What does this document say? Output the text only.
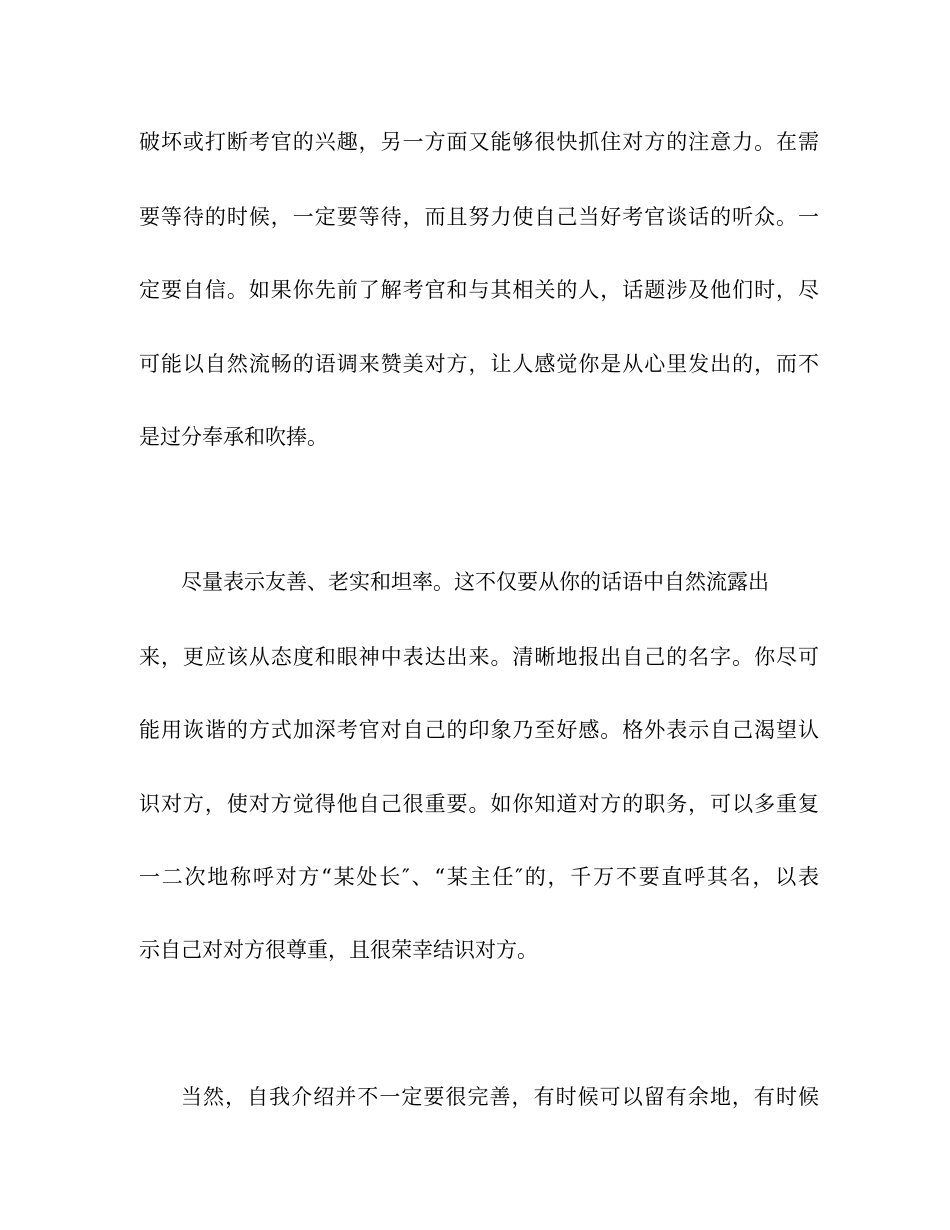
破坏或打断考官的兴趣，另一方面又能够很快抓住对方的注意力。在需
要等待的时候，一定要等待，而且努力使自己当好考官谈话的听众。一
定要自信。如果你先前了解考官和与其相关的人，话题涉及他们时，尽
可能以自然流畅的语调来赞美对方，让人感觉你是从心里发出的，而不
是过分奉承和吹捧。
尽量表示友善、老实和坦率。这不仅要从你的话语中自然流露出
来，更应该从态度和眼神中表达出来。清晰地报出自己的名字。你尽可
能用诙谐的方式加深考官对自己的印象乃至好感。格外表示自己渴望认
识对方，使对方觉得他自己很重要。如你知道对方的职务，可以多重复
一二次地称呼对方“某处长″、“某主任″的，千万不要直呼其名，以表
示自己对对方很尊重，且很荣幸结识对方。
当然，自我介绍并不一定要很完善，有时候可以留有余地，有时候
